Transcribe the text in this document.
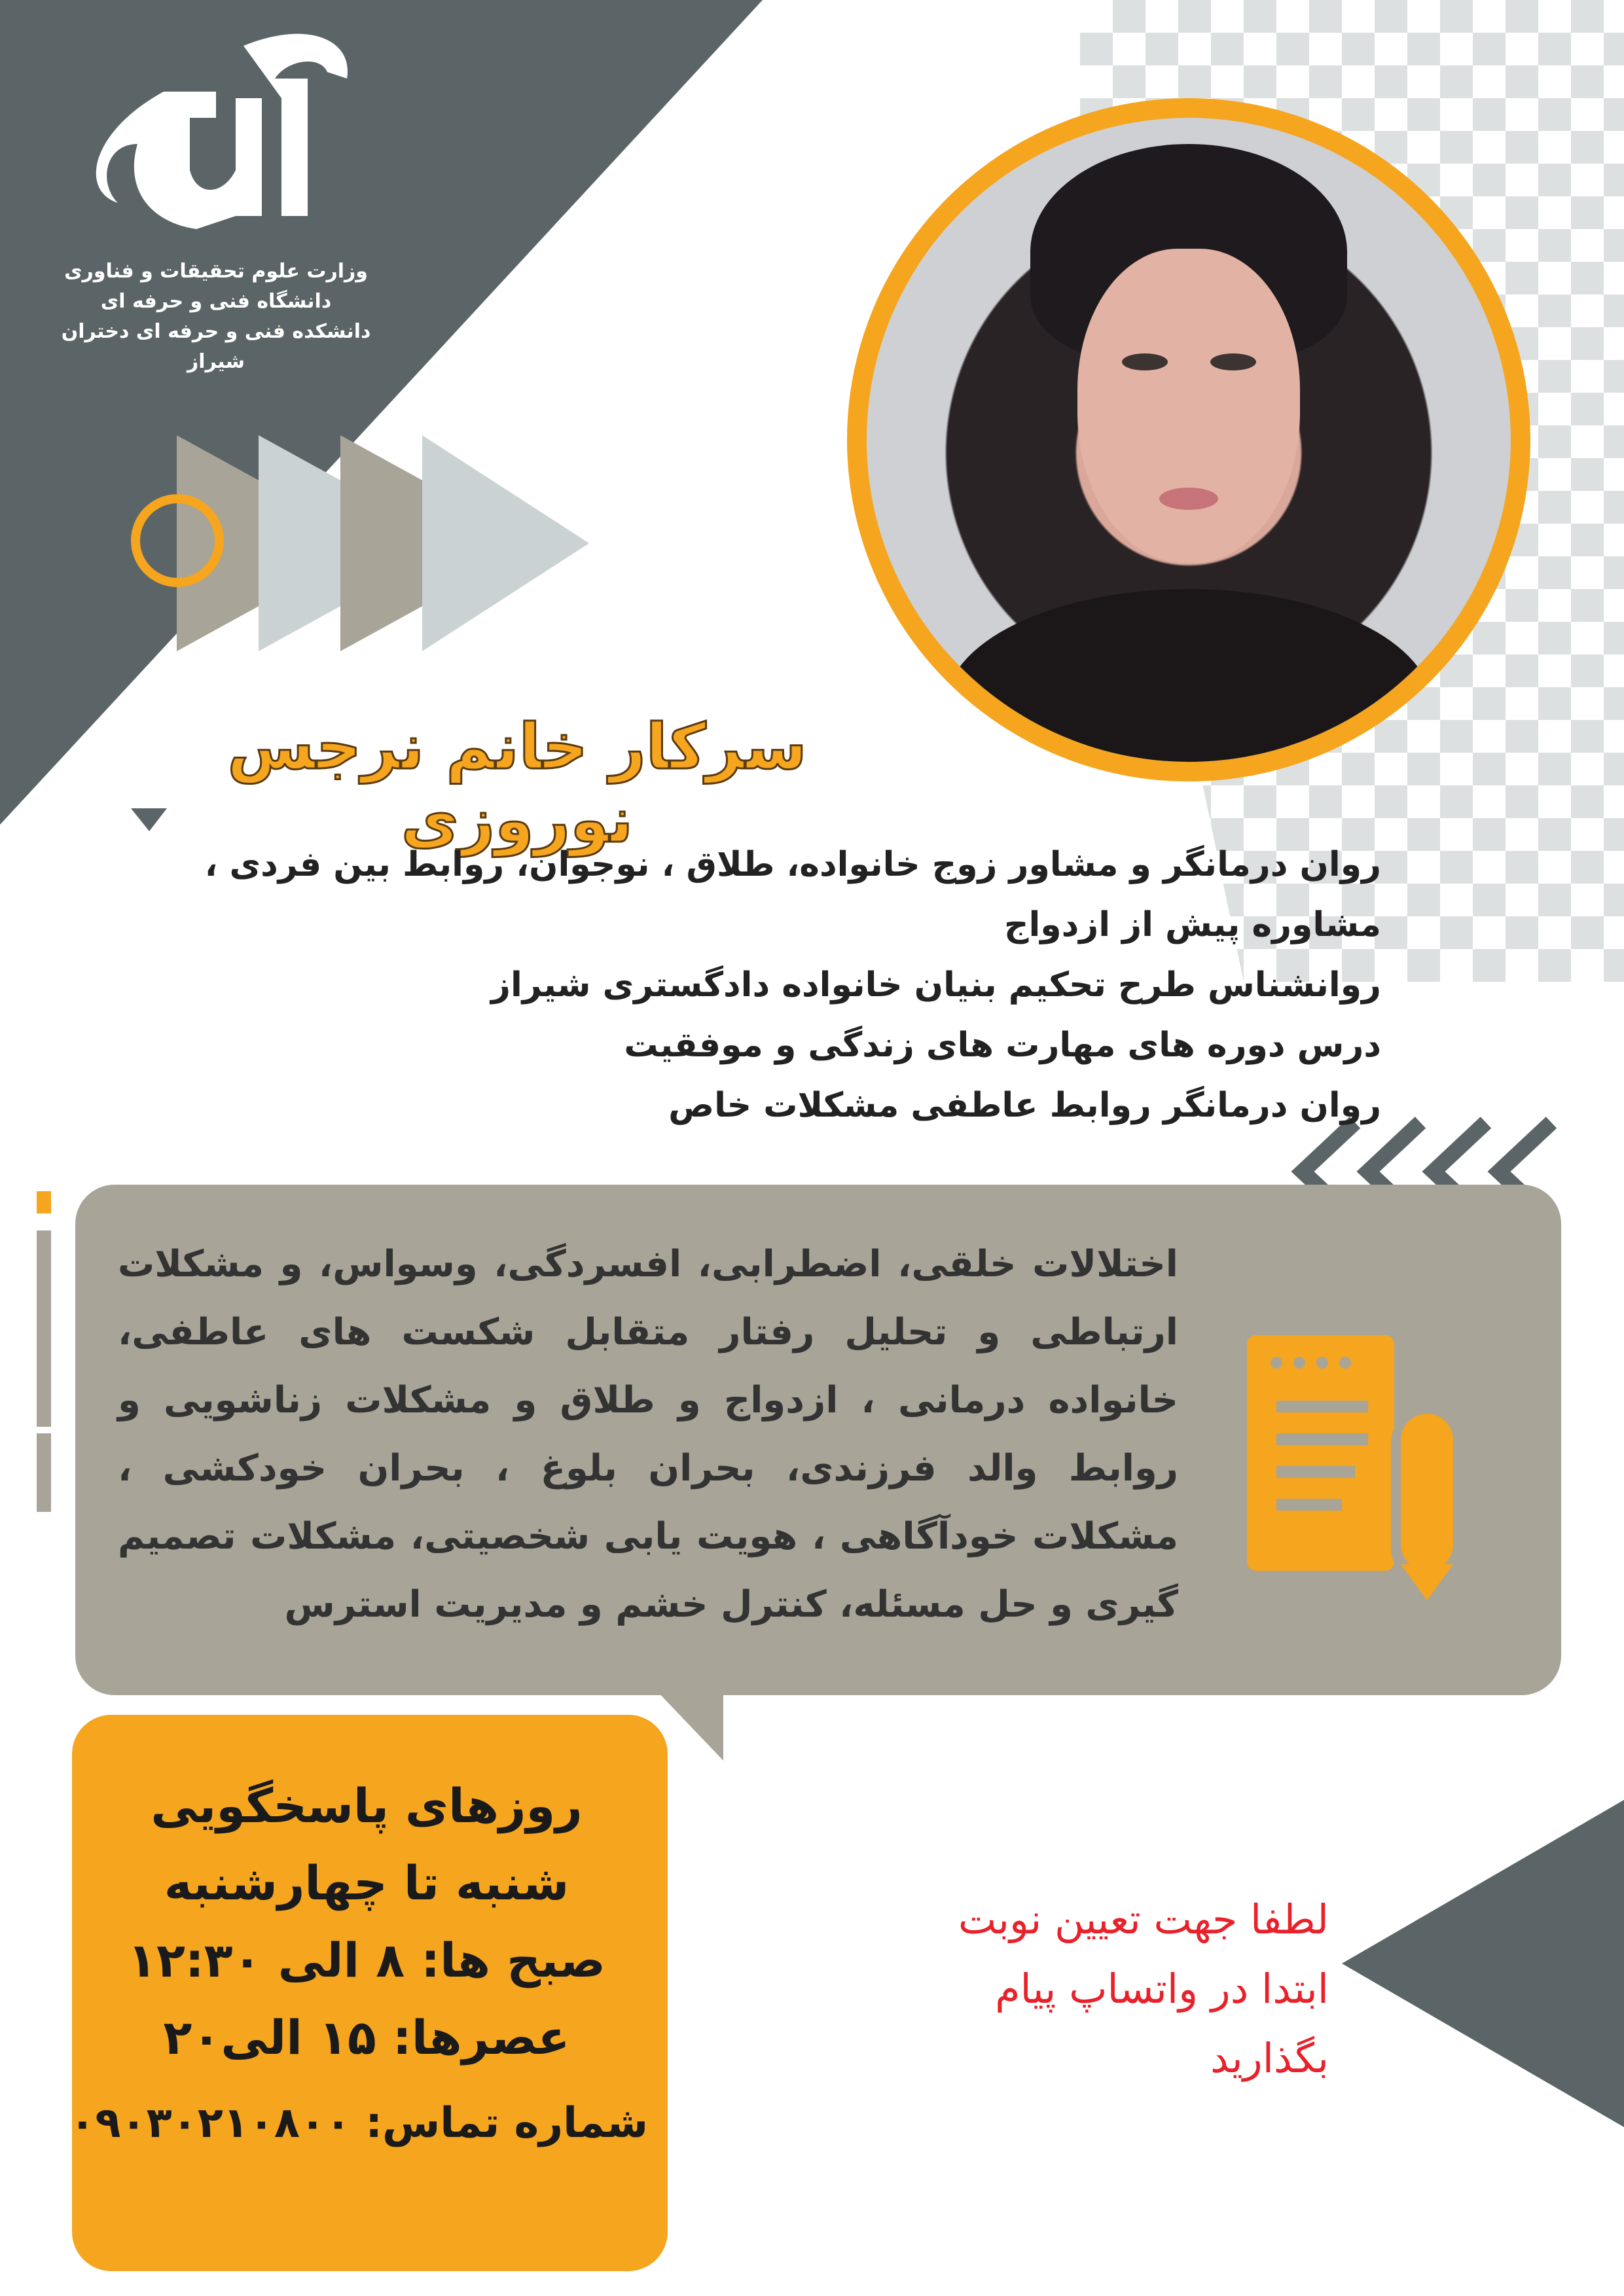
وزارت علوم تحقیقات و فناوری
دانشگاه فنی و حرفه ای
دانشکده فنی و حرفه ای دختران شیراز
سرکار خانم نرجس نوروزی
روان درمانگر و مشاور زوج خانواده، طلاق ، نوجوان، روابط بین فردی ،
مشاوره پیش از ازدواج
روانشناس طرح تحکیم بنیان خانواده دادگستری شیراز
درس دوره های مهارت های زندگی و موفقیت
روان درمانگر روابط عاطفی مشکلات خاص
اختلالات خلقی، اضطرابی، افسردگی، وسواس، و مشکلات ارتباطی و تحلیل رفتار متقابل شکست های عاطفی، خانواده درمانی ، ازدواج و طلاق و مشکلات زناشویی و روابط والد فرزندی، بحران بلوغ ، بحران خودکشی ، مشکلات خودآگاهی ، هویت یابی شخصیتی، مشکلات تصمیم گیری و حل مسئله، کنترل خشم و مدیریت استرس
روزهای پاسخگویی
شنبه تا چهارشنبه
صبح ها: ۸ الی ۱۲:۳۰
عصرها: ۱۵ الی۲۰
شماره تماس: ۰۹۰۳۰۲۱۰۸۰۰
لطفا جهت تعیین نوبت
ابتدا در واتساپ پیام
بگذارید
